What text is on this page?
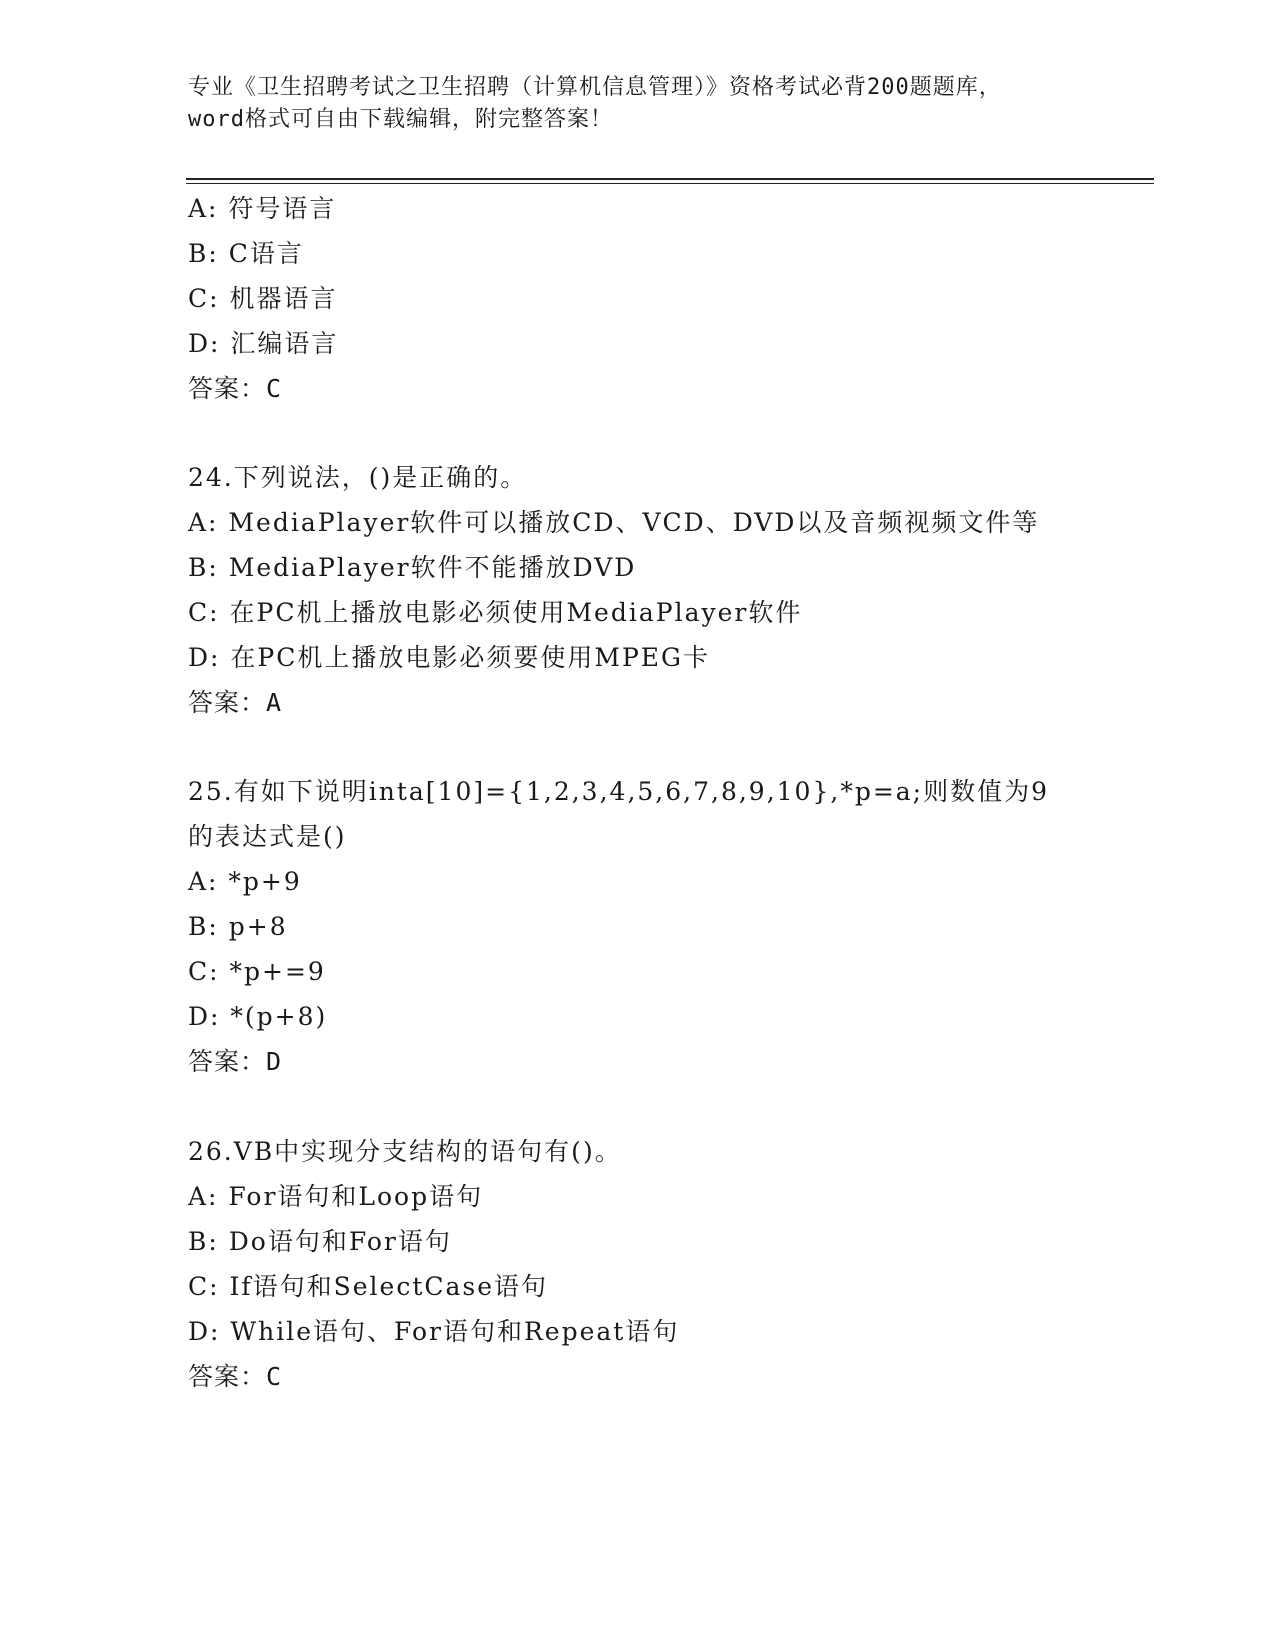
专业《卫生招聘考试之卫生招聘（计算机信息管理）》资格考试必背200题题库，
word格式可自由下载编辑，附完整答案！
A: 符号语言
B: C语言
C: 机器语言
D: 汇编语言
答案：C
24.下列说法，()是正确的。
A: MediaPlayer软件可以播放CD、VCD、DVD以及音频视频文件等
B: MediaPlayer软件不能播放DVD
C: 在PC机上播放电影必须使用MediaPlayer软件
D: 在PC机上播放电影必须要使用MPEG卡
答案：A
25.有如下说明inta[10]={1,2,3,4,5,6,7,8,9,10},*p=a;则数值为9
的表达式是()
A: *p+9
B: p+8
C: *p+=9
D: *(p+8)
答案：D
26.VB中实现分支结构的语句有()。
A: For语句和Loop语句
B: Do语句和For语句
C: If语句和SelectCase语句
D: While语句、For语句和Repeat语句
答案：C
